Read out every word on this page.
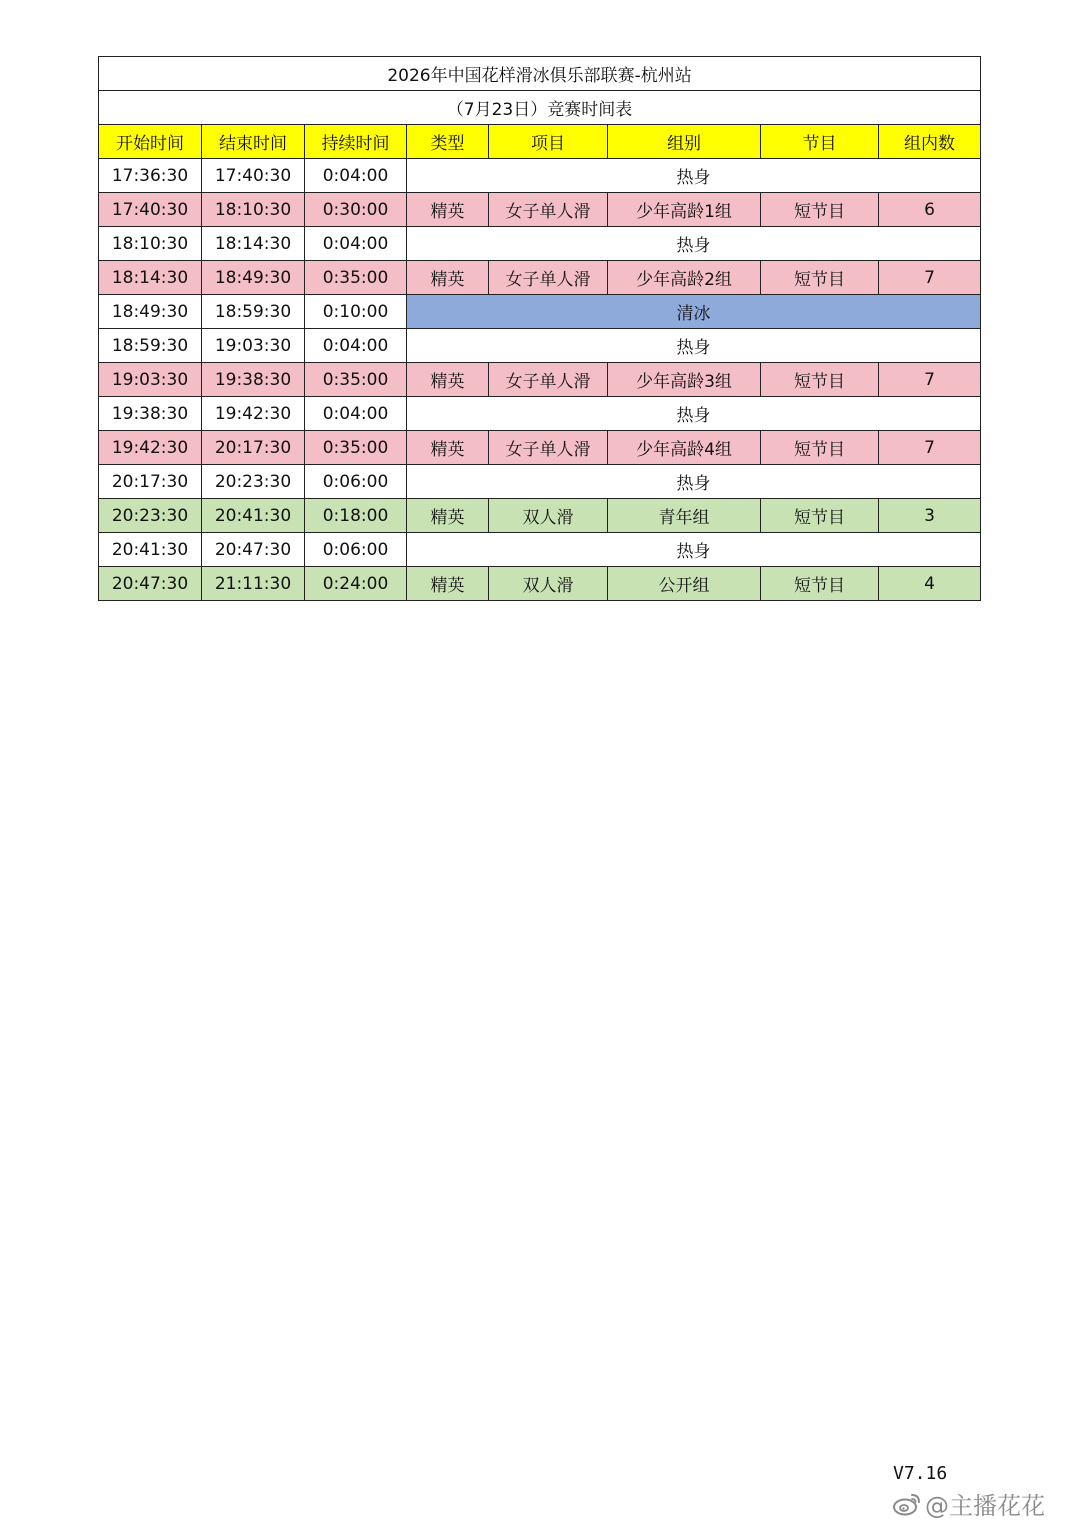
2026年中国花样滑冰俱乐部联赛-杭州站							
（7月23日）竞赛时间表							
开始时间	结束时间	持续时间	类型	项目	组别	节目	组内数
17:36:30	17:40:30	0:04:00	热身				
17:40:30	18:10:30	0:30:00	精英	女子单人滑	少年高龄1组	短节目	6
18:10:30	18:14:30	0:04:00	热身				
18:14:30	18:49:30	0:35:00	精英	女子单人滑	少年高龄2组	短节目	7
18:49:30	18:59:30	0:10:00	清冰				
18:59:30	19:03:30	0:04:00	热身				
19:03:30	19:38:30	0:35:00	精英	女子单人滑	少年高龄3组	短节目	7
19:38:30	19:42:30	0:04:00	热身				
19:42:30	20:17:30	0:35:00	精英	女子单人滑	少年高龄4组	短节目	7
20:17:30	20:23:30	0:06:00	热身				
20:23:30	20:41:30	0:18:00	精英	双人滑	青年组	短节目	3
20:41:30	20:47:30	0:06:00	热身				
20:47:30	21:11:30	0:24:00	精英	双人滑	公开组	短节目	4
V7.16
@主播花花
